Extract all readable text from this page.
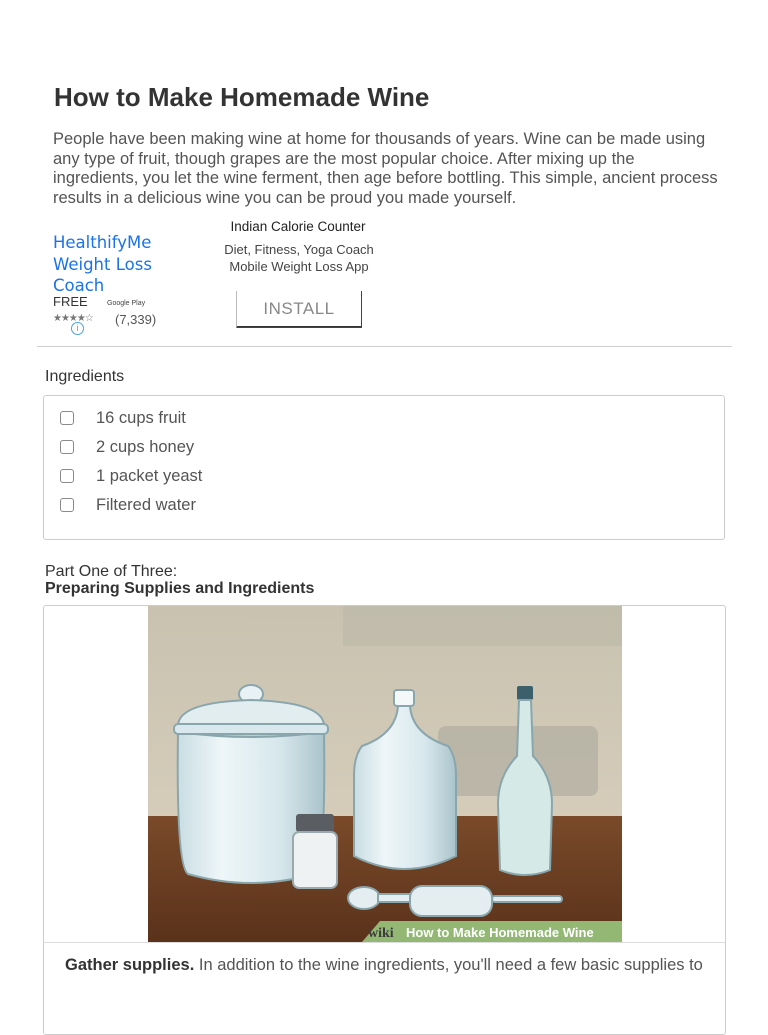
How to Make Homemade Wine

People have been making wine at home for thousands of years. Wine can be made using any type of fruit, though grapes are the most popular choice. After mixing up the ingredients, you let the wine ferment, then age before bottling. This simple, ancient process results in a delicious wine you can be proud you made yourself.

HealthifyMe Weight Loss Coach
FREE	Google Play
★★★★☆ (7,339)
i
Indian Calorie Counter
Diet, Fitness, Yoga Coach Mobile Weight Loss App
INSTALL
Ingredients
16 cups fruit
2 cups honey
1 packet yeast
Filtered water
Part One of Three:
Preparing Supplies and Ingredients
wiki How to Make Homemade Wine
Gather supplies. In addition to the wine ingredients, you'll need a few basic supplies to
